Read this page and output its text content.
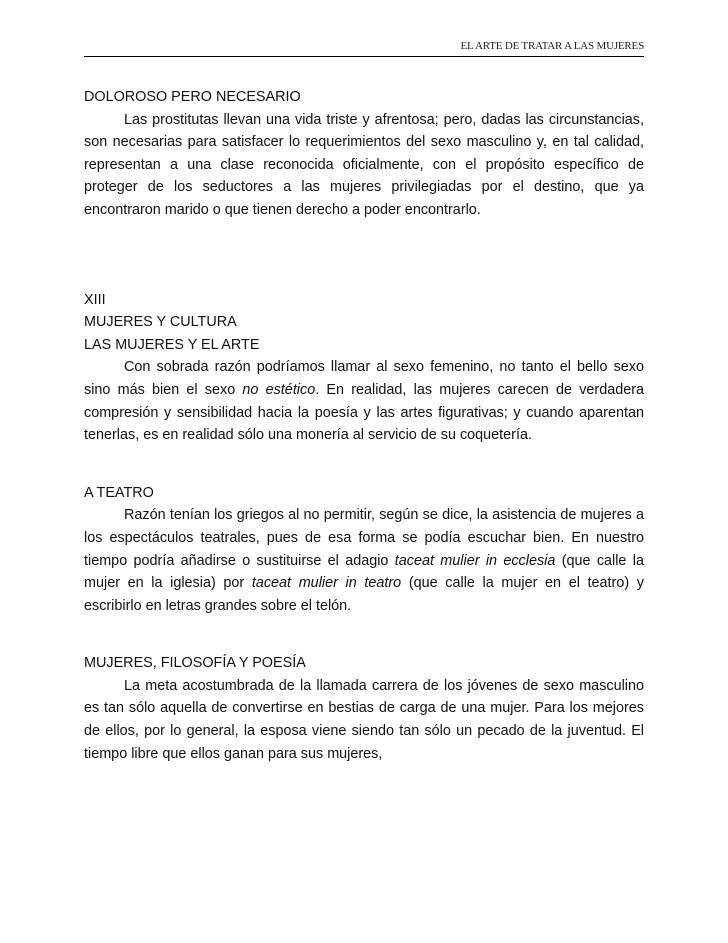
EL ARTE DE TRATAR A LAS MUJERES

DOLOROSO PERO NECESARIO

Las prostitutas llevan una vida triste y afrentosa; pero, dadas las circunstancias, son necesarias para satisfacer lo requerimientos del sexo masculino y, en tal calidad, representan a una clase reconocida oficialmente, con el propósito específico de proteger de los seductores a las mujeres privilegiadas por el destino, que ya encontraron marido o que tienen derecho a poder encontrarlo.

XIII

MUJERES Y CULTURA

LAS MUJERES Y EL ARTE

Con sobrada razón podríamos llamar al sexo femenino, no tanto el bello sexo sino más bien el sexo no estético. En realidad, las mujeres carecen de verdadera compresión y sensibilidad hacia la poesía y las artes figurativas; y cuando aparentan tenerlas, es en realidad sólo una monería al servicio de su coquetería.

A TEATRO

Razón tenían los griegos al no permitir, según se dice, la asistencia de mujeres a los espectáculos teatrales, pues de esa forma se podía escuchar bien. En nuestro tiempo podría añadirse o sustituirse el adagio taceat mulier in ecclesia (que calle la mujer en la iglesia) por taceat mulier in teatro (que calle la mujer en el teatro) y escribirlo en letras grandes sobre el telón.

MUJERES, FILOSOFÍA Y POESÍA

La meta acostumbrada de la llamada carrera de los jóvenes de sexo masculino es tan sólo aquella de convertirse en bestias de carga de una mujer. Para los mejores de ellos, por lo general, la esposa viene siendo tan sólo un pecado de la juventud. El tiempo libre que ellos ganan para sus mujeres,
